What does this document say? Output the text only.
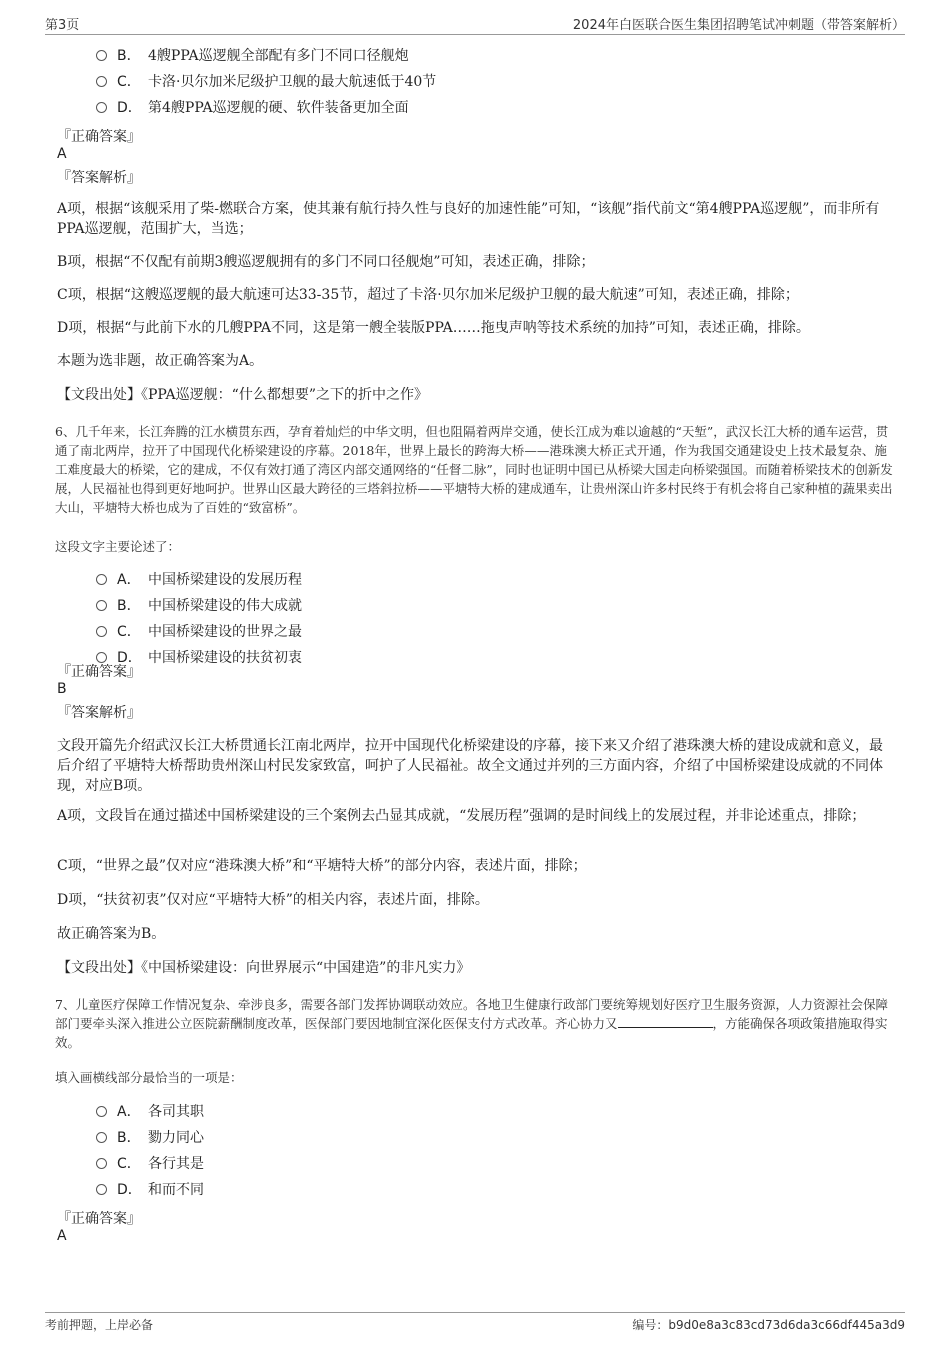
第3页	2024年白医联合医生集团招聘笔试冲刺题（带答案解析）
B． 4艘PPA巡逻舰全部配有多门不同口径舰炮
C． 卡洛·贝尔加米尼级护卫舰的最大航速低于40节
D． 第4艘PPA巡逻舰的硬、软件装备更加全面
『正确答案』
A
『答案解析』
A项，根据“该舰采用了柴-燃联合方案，使其兼有航行持久性与良好的加速性能”可知，“该舰”指代前文“第4艘PPA巡逻舰”，而非所有PPA巡逻舰，范围扩大，当选；
B项，根据“不仅配有前期3艘巡逻舰拥有的多门不同口径舰炮”可知，表述正确，排除；
C项，根据“这艘巡逻舰的最大航速可达33-35节，超过了卡洛·贝尔加米尼级护卫舰的最大航速”可知，表述正确，排除；
D项，根据“与此前下水的几艘PPA不同，这是第一艘全装版PPA……拖曳声呐等技术系统的加持”可知，表述正确，排除。
本题为选非题，故正确答案为A。
【文段出处】《PPA巡逻舰：“什么都想要”之下的折中之作》
6、几千年来，长江奔腾的江水横贯东西，孕育着灿烂的中华文明，但也阻隔着两岸交通，使长江成为难以逾越的“天堑”，武汉长江大桥的通车运营，贯通了南北两岸，拉开了中国现代化桥梁建设的序幕。2018年，世界上最长的跨海大桥——港珠澳大桥正式开通，作为我国交通建设史上技术最复杂、施工难度最大的桥梁，它的建成，不仅有效打通了湾区内部交通网络的“任督二脉”，同时也证明中国已从桥梁大国走向桥梁强国。而随着桥梁技术的创新发展，人民福祉也得到更好地呵护。世界山区最大跨径的三塔斜拉桥——平塘特大桥的建成通车，让贵州深山许多村民终于有机会将自己家种植的蔬果卖出大山，平塘特大桥也成为了百姓的“致富桥”。
这段文字主要论述了：
A． 中国桥梁建设的发展历程
B． 中国桥梁建设的伟大成就
C． 中国桥梁建设的世界之最
D． 中国桥梁建设的扶贫初衷
『正确答案』
B
『答案解析』
文段开篇先介绍武汉长江大桥贯通长江南北两岸，拉开中国现代化桥梁建设的序幕，接下来又介绍了港珠澳大桥的建设成就和意义，最后介绍了平塘特大桥帮助贵州深山村民发家致富，呵护了人民福祉。故全文通过并列的三方面内容，介绍了中国桥梁建设成就的不同体现，对应B项。
A项，文段旨在通过描述中国桥梁建设的三个案例去凸显其成就，“发展历程”强调的是时间线上的发展过程，并非论述重点，排除；
C项，“世界之最”仅对应“港珠澳大桥”和“平塘特大桥”的部分内容，表述片面，排除；
D项，“扶贫初衷”仅对应“平塘特大桥”的相关内容，表述片面，排除。
故正确答案为B。
【文段出处】《中国桥梁建设：向世界展示“中国建造”的非凡实力》
7、儿童医疗保障工作情况复杂、牵涉良多，需要各部门发挥协调联动效应。各地卫生健康行政部门要统筹规划好医疗卫生服务资源，人力资源社会保障部门要牵头深入推进公立医院薪酬制度改革，医保部门要因地制宜深化医保支付方式改革。齐心协力又	，方能确保各项政策措施取得实效。
填入画横线部分最恰当的一项是：
A． 各司其职
B． 勠力同心
C． 各行其是
D． 和而不同
『正确答案』
A
考前押题，上岸必备	编号：b9d0e8a3c83cd73d6da3c66df445a3d9
